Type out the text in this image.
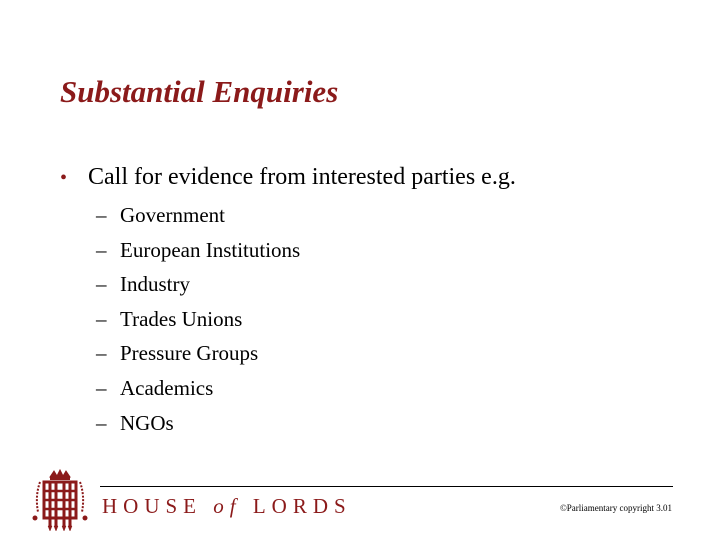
Substantial Enquiries
• Call for evidence from interested parties e.g.
– Government
– European Institutions
– Industry
– Trades Unions
– Pressure Groups
– Academics
– NGOs
HOUSE of LORDS	©Parliamentary copyright 3.01
